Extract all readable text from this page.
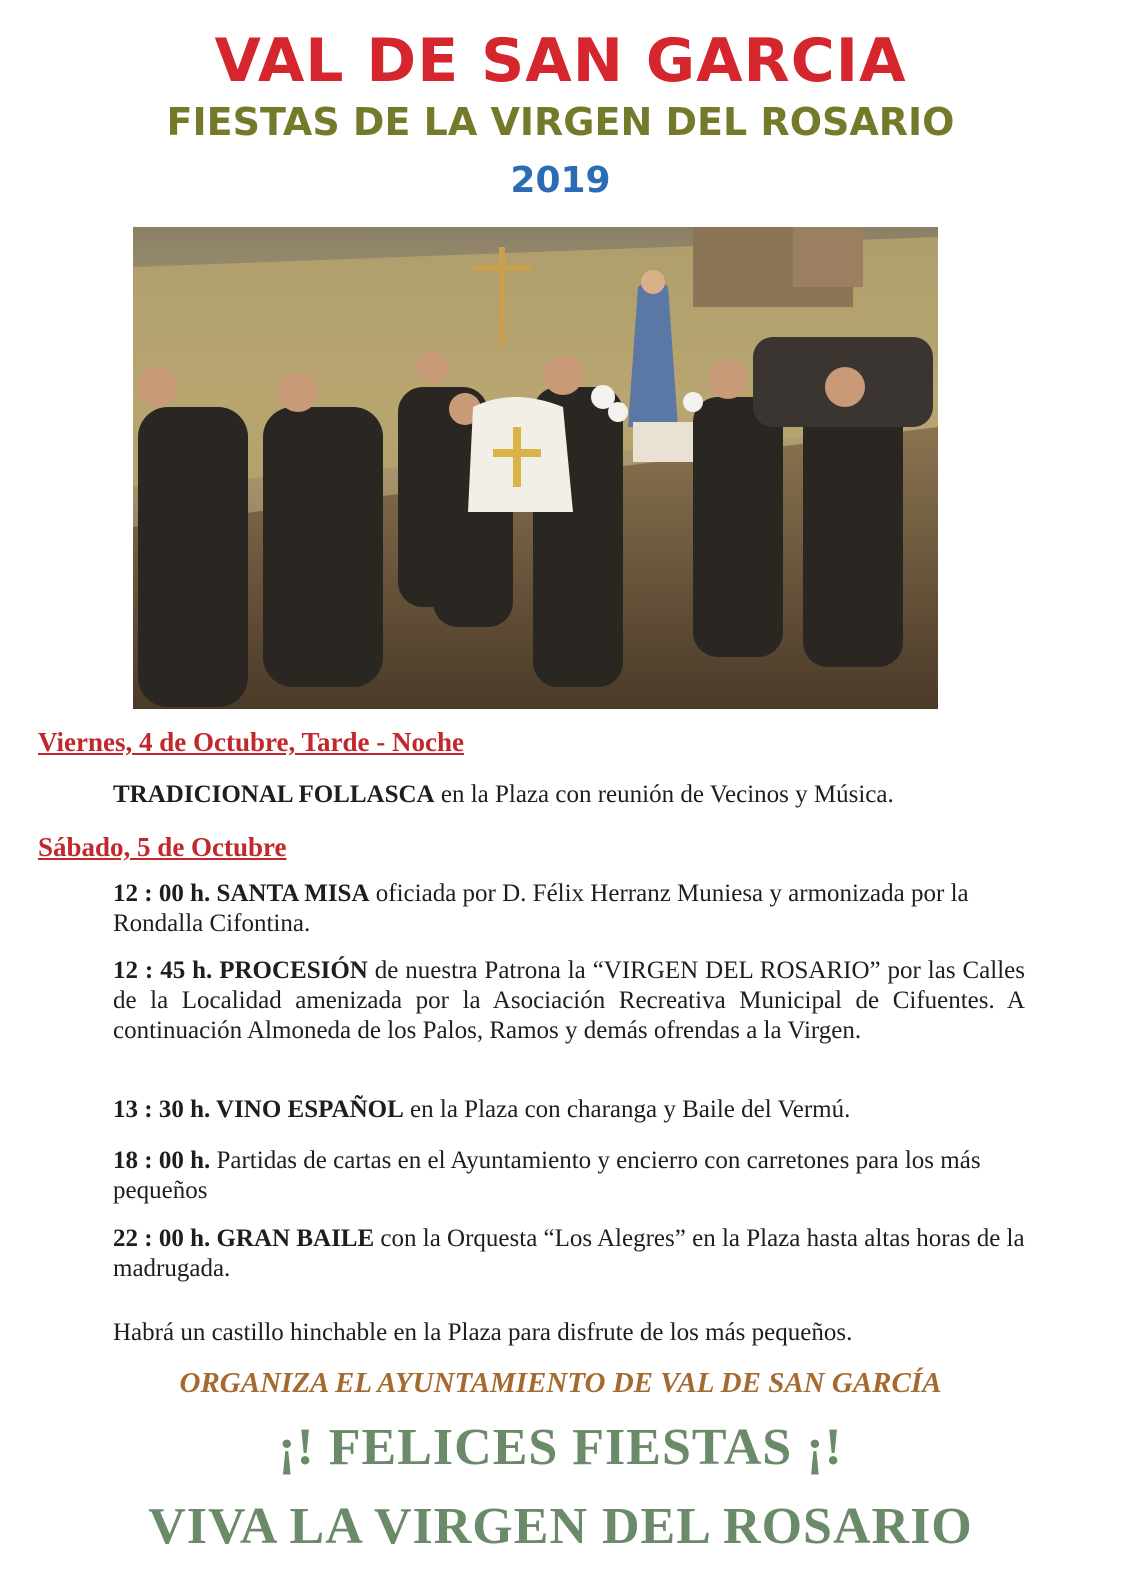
VAL DE SAN GARCIA
FIESTAS DE LA VIRGEN DEL ROSARIO
2019

Viernes, 4 de Octubre, Tarde - Noche

TRADICIONAL FOLLASCA en la Plaza con reunión de Vecinos y Música.

Sábado, 5 de Octubre

12 : 00 h. SANTA MISA oficiada por D. Félix Herranz Muniesa y armonizada por la Rondalla Cifontina.

12 : 45 h. PROCESIÓN de nuestra Patrona la “VIRGEN DEL ROSARIO” por las Calles de la Localidad amenizada por la Asociación Recreativa Municipal de Cifuentes. A continuación Almoneda de los Palos, Ramos y demás ofrendas a la Virgen.

13 : 30 h. VINO ESPAÑOL en la Plaza con charanga y Baile del Vermú.

18 : 00 h. Partidas de cartas en el Ayuntamiento y encierro con carretones para los más pequeños

22 : 00 h. GRAN BAILE con la Orquesta “Los Alegres” en la Plaza hasta altas horas de la madrugada.

Habrá un castillo hinchable en la Plaza para disfrute de los más pequeños.

ORGANIZA EL AYUNTAMIENTO DE VAL DE SAN GARCÍA

¡! FELICES FIESTAS ¡!

VIVA LA VIRGEN DEL ROSARIO
